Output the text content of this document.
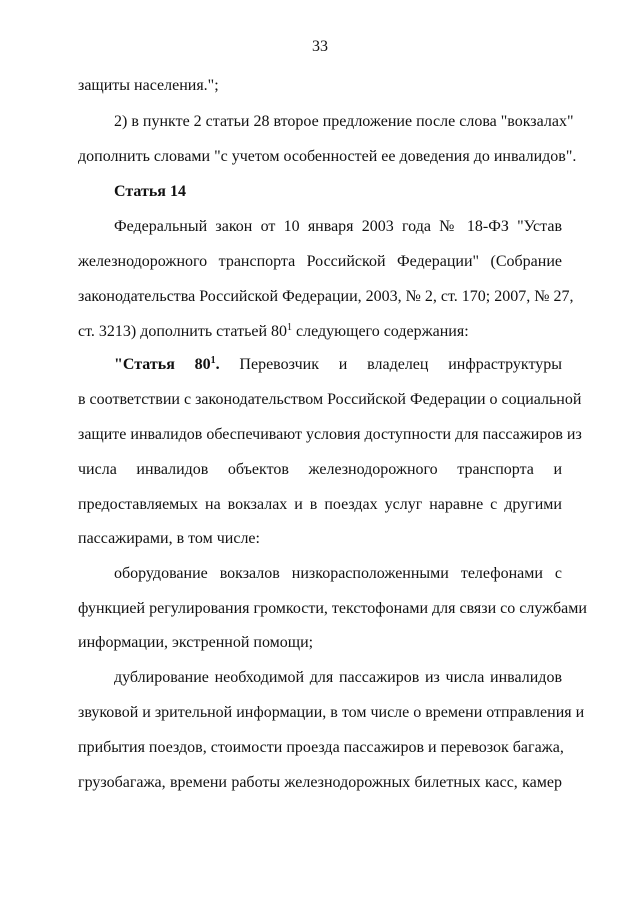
33
защиты населения.";
2) в пункте 2 статьи 28 второе предложение после слова "вокзалах"
дополнить словами "с учетом особенностей ее доведения до инвалидов".
Статья 14
Федеральный закон от 10 января 2003 года № 18-ФЗ "Устав
железнодорожного транспорта Российской Федерации" (Собрание
законодательства Российской Федерации, 2003, № 2, ст. 170; 2007, № 27,
ст. 3213) дополнить статьей $80^1$ следующего содержания:
"Статья $80^1$. Перевозчик и владелец инфраструктуры
в соответствии с законодательством Российской Федерации о социальной
защите инвалидов обеспечивают условия доступности для пассажиров из
числа инвалидов объектов железнодорожного транспорта и
предоставляемых на вокзалах и в поездах услуг наравне с другими
пассажирами, в том числе:
оборудование вокзалов низкорасположенными телефонами с
функцией регулирования громкости, текстофонами для связи со службами
информации, экстренной помощи;
дублирование необходимой для пассажиров из числа инвалидов
звуковой и зрительной информации, в том числе о времени отправления и
прибытия поездов, стоимости проезда пассажиров и перевозок багажа,
грузобагажа, времени работы железнодорожных билетных касс, камер
